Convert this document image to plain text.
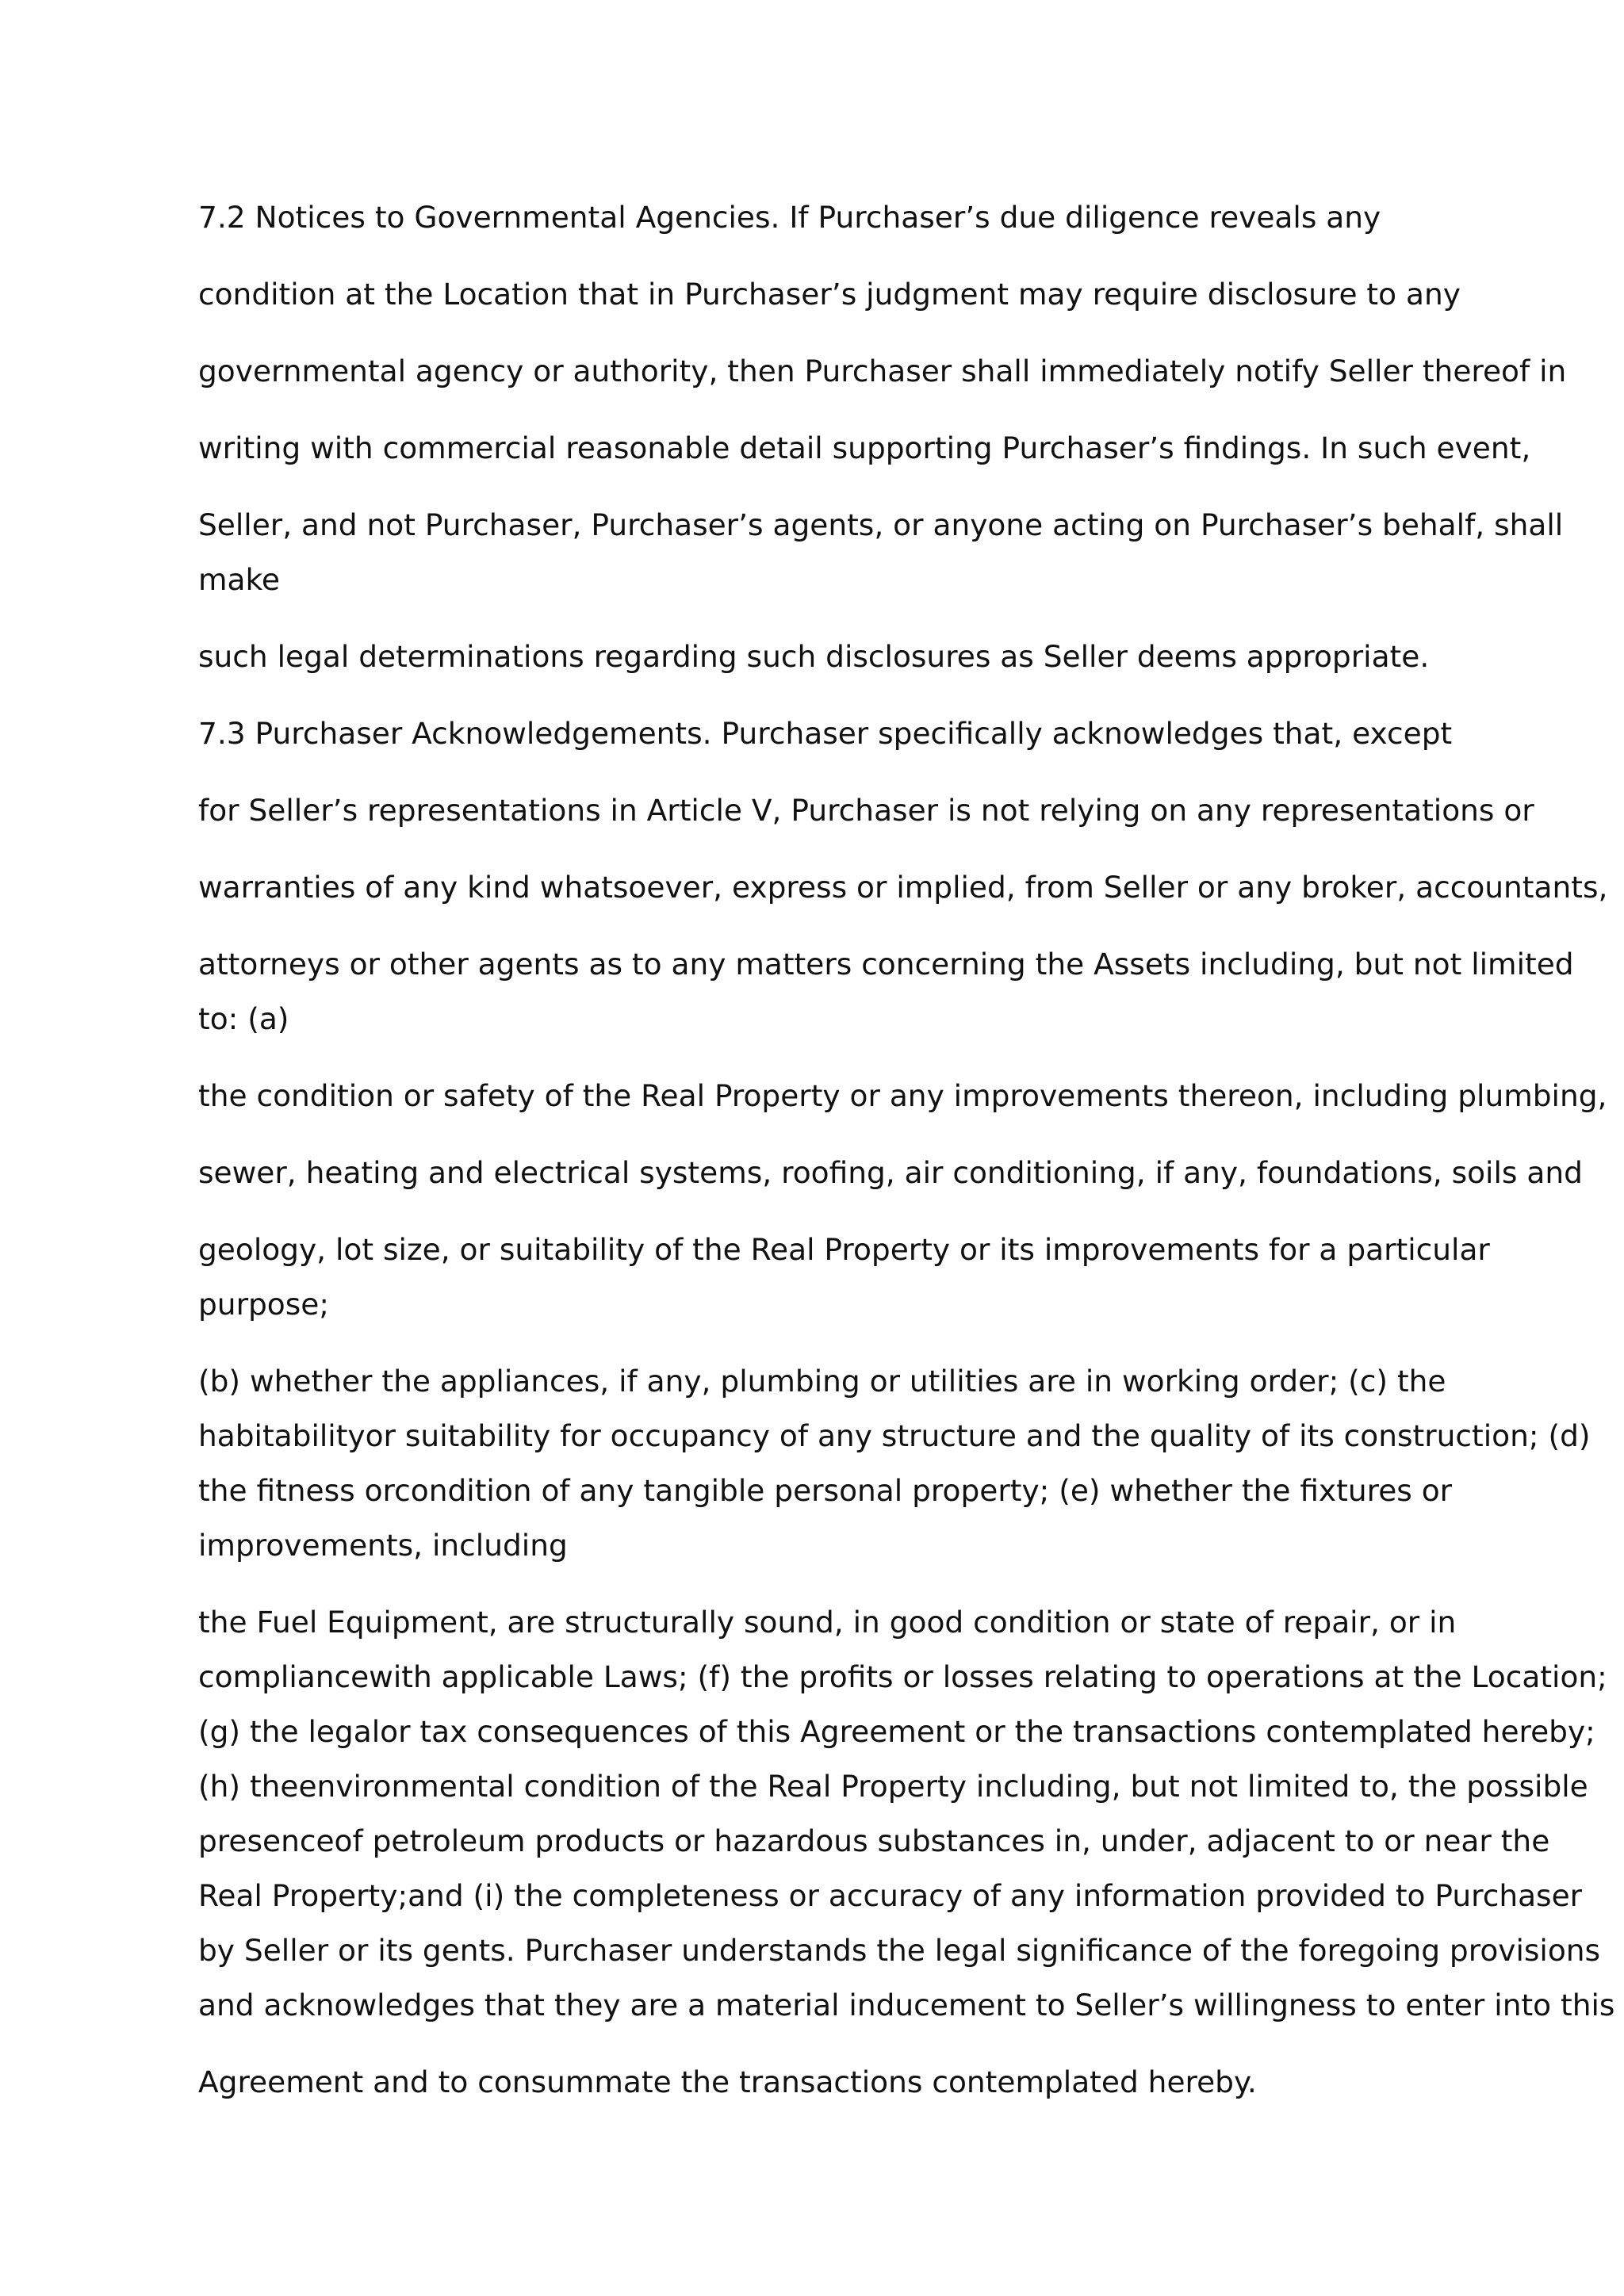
7.2 Notices to Governmental Agencies. If Purchaser’s due diligence reveals any

condition at the Location that in Purchaser’s judgment may require disclosure to any

governmental agency or authority, then Purchaser shall immediately notify Seller thereof in

writing with commercial reasonable detail supporting Purchaser’s findings. In such event,

Seller, and not Purchaser, Purchaser’s agents, or anyone acting on Purchaser’s behalf, shall

make

such legal determinations regarding such disclosures as Seller deems appropriate.

7.3 Purchaser Acknowledgements. Purchaser specifically acknowledges that, except

for Seller’s representations in Article V, Purchaser is not relying on any representations or

warranties of any kind whatsoever, express or implied, from Seller or any broker, accountants,

attorneys or other agents as to any matters concerning the Assets including, but not limited

to: (a)

the condition or safety of the Real Property or any improvements thereon, including plumbing,

sewer, heating and electrical systems, roofing, air conditioning, if any, foundations, soils and

geology, lot size, or suitability of the Real Property or its improvements for a particular

purpose;

(b) whether the appliances, if any, plumbing or utilities are in working order; (c) the

habitabilityor suitability for occupancy of any structure and the quality of its construction; (d)

the fitness orcondition of any tangible personal property; (e) whether the fixtures or

improvements, including

the Fuel Equipment, are structurally sound, in good condition or state of repair, or in

compliancewith applicable Laws; (f) the profits or losses relating to operations at the Location;

(g) the legalor tax consequences of this Agreement or the transactions contemplated hereby;

(h) theenvironmental condition of the Real Property including, but not limited to, the possible

presenceof petroleum products or hazardous substances in, under, adjacent to or near the

Real Property;and (i) the completeness or accuracy of any information provided to Purchaser

by Seller or its gents. Purchaser understands the legal significance of the foregoing provisions

and acknowledges that they are a material inducement to Seller’s willingness to enter into this

Agreement and to consummate the transactions contemplated hereby.
